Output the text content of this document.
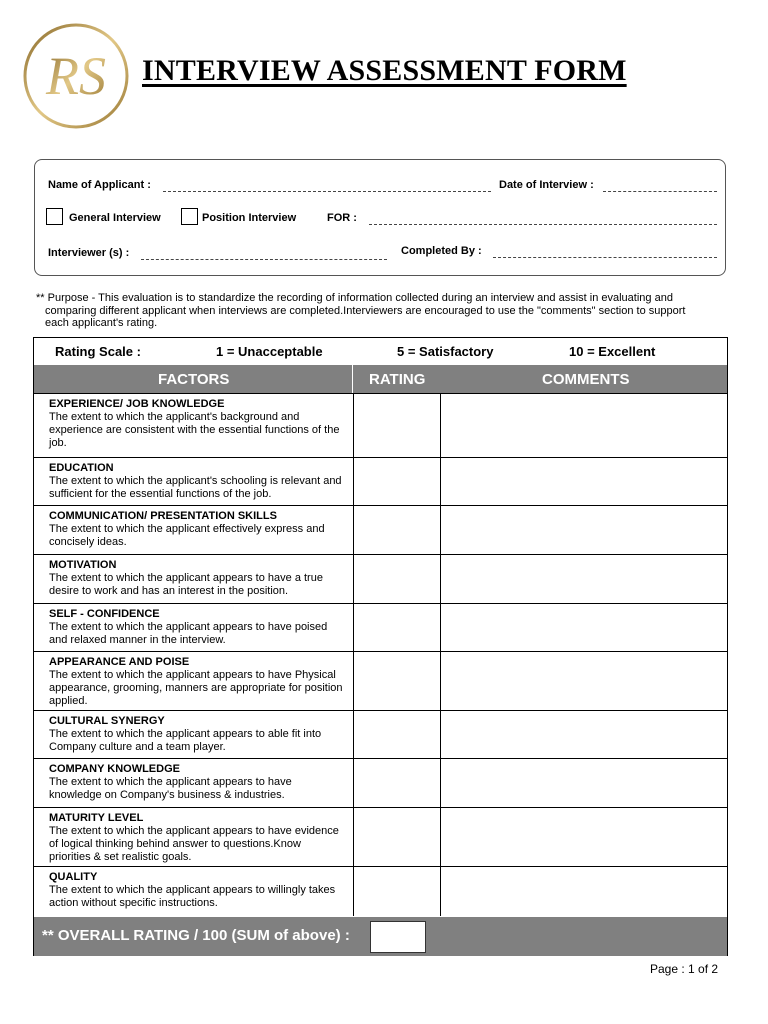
RS INTERVIEW ASSESSMENT FORM
Name of Applicant :	Date of Interview :
General Interview	Position Interview	FOR :
Interviewer (s) :	Completed By :
** Purpose - This evaluation is to standardize the recording of information collected during an interview and assist in evaluating and
comparing different applicant when interviews are completed.Interviewers are encouraged to use the "comments" section to support
each applicant's rating.
Rating Scale :	1 = Unacceptable	5 = Satisfactory	10 = Excellent
FACTORS	RATING	COMMENTS
EXPERIENCE/ JOB KNOWLEDGE
The extent to which the applicant's background and experience are consistent with the essential functions of the job.
EDUCATION
The extent to which the applicant's schooling is relevant and sufficient for the essential functions of the job.
COMMUNICATION/ PRESENTATION SKILLS
The extent to which the applicant effectively express and concisely ideas.
MOTIVATION
The extent to which the applicant appears to have a true desire to work and has an interest in the position.
SELF - CONFIDENCE
The extent to which the applicant appears to have poised and relaxed manner in the interview.
APPEARANCE AND POISE
The extent to which the applicant appears to have Physical appearance, grooming, manners are appropriate for position applied.
CULTURAL SYNERGY
The extent to which the applicant appears to able fit into Company culture and a team player.
COMPANY KNOWLEDGE
The extent to which the applicant appears to have knowledge on Company's business & industries.
MATURITY LEVEL
The extent to which the applicant appears to have evidence of logical thinking behind answer to questions.Know priorities & set realistic goals.
QUALITY
The extent to which the applicant appears to willingly takes action without specific instructions.
** OVERALL RATING / 100 (SUM of above) :
Page : 1 of 2
